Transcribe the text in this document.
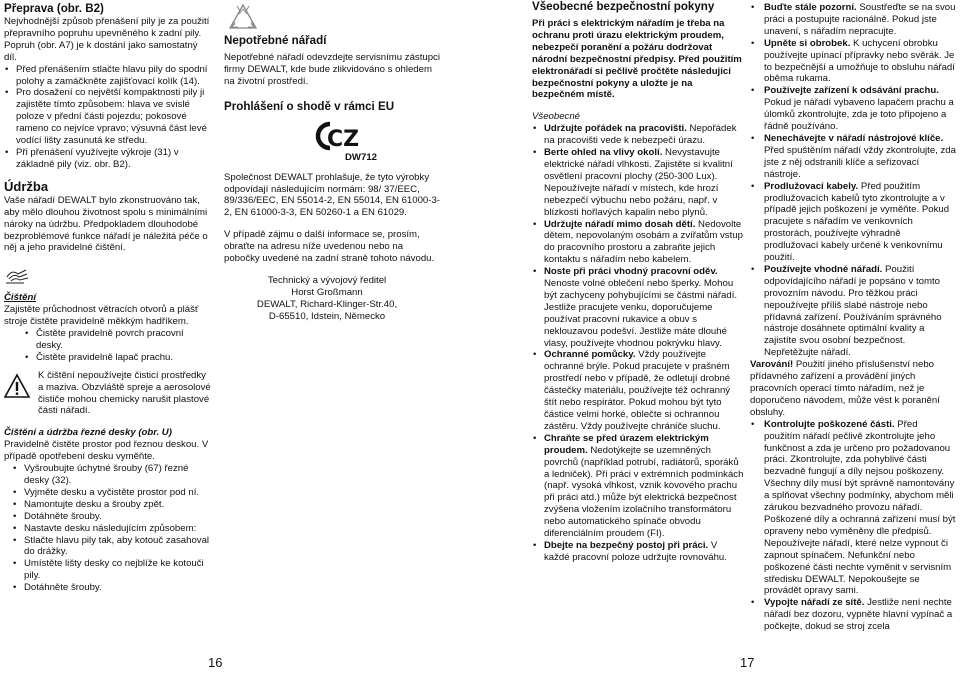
Přeprava (obr. B2)

Nejvhodnější způsob přenášení pily je za použití přepravního popruhu upevněného k zadní pily. Popruh (obr. A7) je k dostání jako samostatný díl.

• Před přenášením stlačte hlavu pily do spodní polohy a zamáčkněte zajišťovací kolík (14).
• Pro dosažení co největší kompaktnosti pily ji zajistěte tímto způsobem: hlava ve svislé poloze v přední části pojezdu; pokosové rameno co nejvíce vpravo; výsuvná část levé vodící lišty zasunutá ke středu.
• Při přenášení využívejte výkroje (31) v základně pily (viz. obr. B2).

Údržba

Vaše nářadí DEWALT bylo zkonstruováno tak, aby mělo dlouhou životnost spolu s minimálními nároky na údržbu. Předpokladem dlouhodobé bezproblémové funkce nářadí je náležitá péče o něj a jeho pravidelné čištění.

Čištění

Zajistěte průchodnost větracích otvorů a plášť stroje čistěte pravidelně měkkým hadříkem.

• Čistěte pravidelně povrch pracovní desky.
• Čistěte pravidelně lapač prachu.

K čištění nepoužívejte čisticí prostředky a maziva. Obzvláště spreje a aerosolové čističe mohou chemicky narušit plastové části nářadí.

Čištění a údržba řezné desky (obr. U)

Pravidelně čistěte prostor pod řeznou deskou. V případě opotřebení desku vyměňte.

• Vyšroubujte úchytné šrouby (67) řezné desky (32).
• Vyjměte desku a vyčistěte prostor pod ní.
• Namontujte desku a šrouby zpět.
• Dotáhněte šrouby.
• Nastavte desku následujícím způsobem:
• Stlačte hlavu pily tak, aby kotouč zasahoval do drážky.
• Umístěte lišty desky co nejblíže ke kotouči pily.
• Dotáhněte šrouby.

Nepotřebné nářadí

Nepotřebné nářadí odevzdejte servisnímu zástupci firmy DEWALT, kde bude zlikvidováno s ohledem na životní prostředí.

Prohlášení o shodě v rámci EU

CZ
DW712

Společnost DEWALT prohlašuje, že tyto výrobky odpovídají následujícím normám: 98/ 37/EEC, 89/336/EEC, EN 55014-2, EN 55014, EN 61000-3-2, EN 61000-3-3, EN 50260-1 a EN 61029.

V případě zájmu o další informace se, prosím, obraťte na adresu níže uvedenou nebo na pobočky uvedené na zadní straně tohoto návodu.

Technický a vývojový ředitel

Horst Großmann

DEWALT, Richard-Klinger-Str.40,

D-65510, Idstein, Německo

16

Všeobecné bezpečnostní pokyny

Při práci s elektrickým nářadím je třeba na ochranu proti úrazu elektrickým proudem, nebezpečí poranění a požáru dodržovat národní bezpečnostní předpisy. Před použitím elektronářadí si pečlivě pročtěte následující bezpečnostní pokyny a uložte je na bezpečném místě.

Všeobecné

• Udržujte pořádek na pracovišti. Nepořádek na pracovišti vede k nebezpečí úrazu.
• Berte ohled na vlivy okolí. Nevystavujte elektrické nářadí vlhkosti. Zajistěte si kvalitní osvětlení pracovní plochy (250-300 Lux). Nepoužívejte nářadí v místech, kde hrozí nebezpečí výbuchu nebo požáru, např. v blízkosti hořlavých kapalin nebo plynů.
• Udržujte nářadí mimo dosah dětí. Nedovolte dětem, nepovolaným osobám a zvířatům vstup do pracovního prostoru a zabraňte jejich kontaktu s nářadím nebo kabelem.
• Noste při práci vhodný pracovní oděv. Nenoste volné oblečení nebo šperky. Mohou být zachyceny pohybujícími se částmi nářadí. Jestliže pracujete venku, doporučujeme používat pracovní rukavice a obuv s neklouzavou podešví. Jestliže máte dlouhé vlasy, používejte vhodnou pokrývku hlavy.
• Ochranné pomůcky. Vždy používejte ochranné brýle. Pokud pracujete v prašném prostředí nebo v případě, že odletují drobné částečky materiálu, používejte též ochranný štít nebo respirátor. Pokud mohou být tyto částice velmi horké, oblečte si ochrannou zástěru. Vždy používejte chrániče sluchu.
• Chraňte se před úrazem elektrickým proudem. Nedotýkejte se uzemněných povrchů (například potrubí, radiátorů, sporáků a ledniček). Při práci v extrémních podmínkách (např. vysoká vlhkost, vznik kovového prachu při práci atd.) může být elektrická bezpečnost zvýšena vložením izolačního transformátoru nebo automatického spínače obvodu diferenciálním proudem (FI).
• Dbejte na bezpečný postoj při práci. V každé pracovní poloze udržujte rovnováhu.
• Buďte stále pozorní. Soustřeďte se na svou práci a postupujte racionálně. Pokud jste unavení, s nářadím nepracujte.
• Upněte si obrobek. K uchycení obrobku používejte upínací přípravky nebo svěrák. Je to bezpečnější a umožňuje to obsluhu nářadí oběma rukama.
• Používejte zařízení k odsávání prachu. Pokud je nářadí vybaveno lapačem prachu a úlomků zkontrolujte, zda je toto připojeno a řádně používáno.
• Nenechávejte v nářadí nástrojové klíče. Před spuštěním nářadí vždy zkontrolujte, zda jste z něj odstranili klíče a seřizovací nástroje.
• Prodlužovací kabely. Před použitím prodlužovacích kabelů tyto zkontrolujte a v případě jejich poškození je vyměňte. Pokud pracujete s nářadím ve venkovních prostorách, používejte výhradně prodlužovací kabely určené k venkovnímu použití.
• Používejte vhodné nářadí. Použití odpovídajícího nářadí je popsáno v tomto provozním návodu. Pro těžkou práci nepoužívejte příliš slabé nástroje nebo přídavná zařízení. Používáním správného nástroje dosáhnete optimální kvality a zajistíte svou osobní bezpečnost. Nepřetěžujte nářadí.
Varování! Použití jiného příslušenství nebo přídavného zařízení a provádění jiných pracovních operací tímto nářadím, než je doporučeno návodem, může vést k poranění obsluhy.
• Kontrolujte poškozené části. Před použitím nářadí pečlivě zkontrolujte jeho funkčnost a zda je určeno pro požadovanou práci. Zkontrolujte, zda pohyblivé části bezvadně fungují a díly nejsou poškozeny. Všechny díly musí být správně namontovány a splňovat všechny podmínky, abychom měli zárukou bezvadného provozu nářadí. Poškozené díly a ochranná zařízení musí být opraveny nebo vyměněny dle předpisů. Nepoužívejte nářadí, které nelze vypnout či zapnout spínačem. Nefunkční nebo poškozené části nechte vyměnit v servisním středisku DEWALT. Nepokoušejte se provádět opravy sami.
• Vypojte nářadí ze sítě. Jestliže není nechte nářadí bez dozoru, vypněte hlavní vypínač a počkejte, dokud se stroj zcela
17
